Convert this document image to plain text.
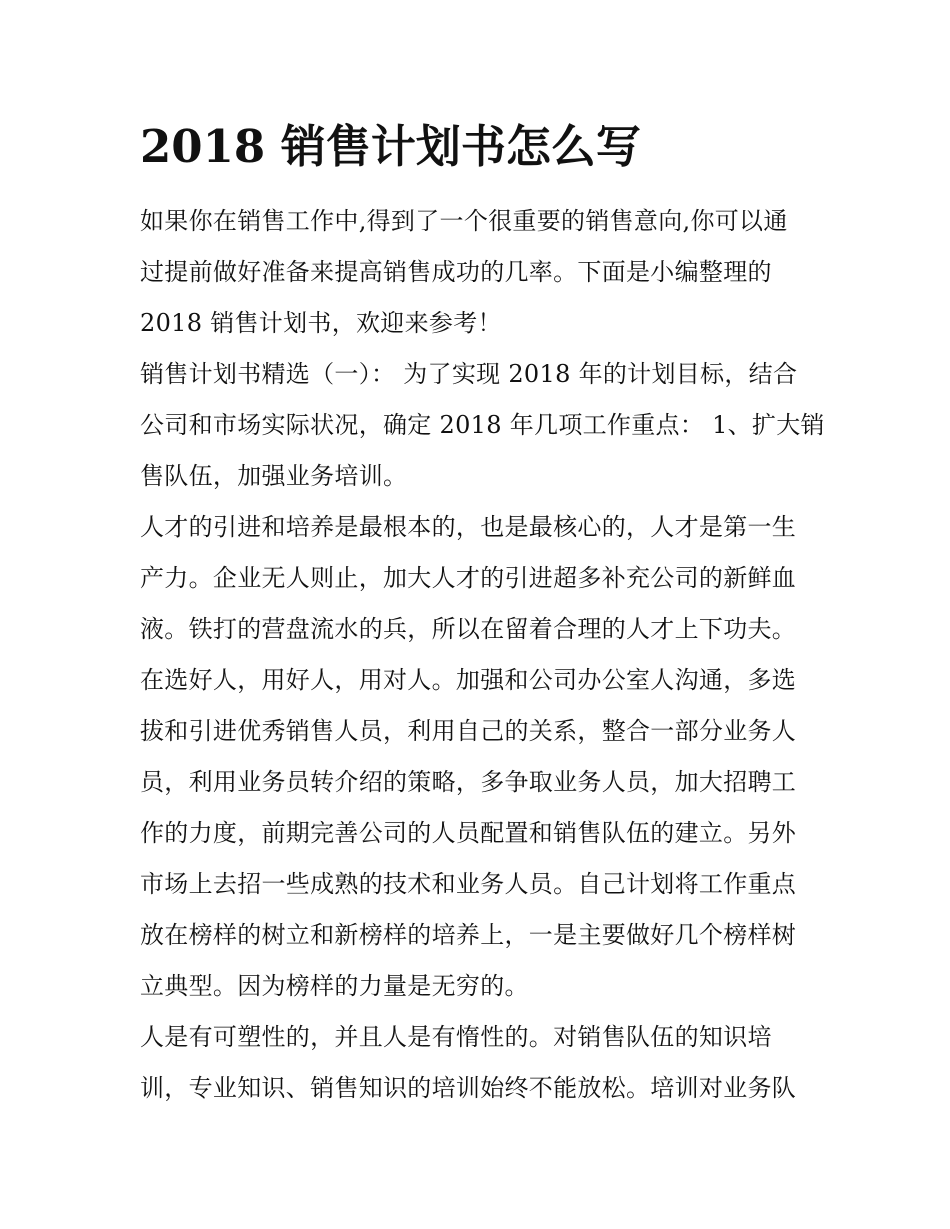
2018 销售计划书怎么写
如果你在销售工作中,得到了一个很重要的销售意向,你可以通
过提前做好准备来提高销售成功的几率。下面是小编整理的
2018 销售计划书，欢迎来参考！
销售计划书精选（一）： 为了实现 2018 年的计划目标，结合
公司和市场实际状况，确定 2018 年几项工作重点： 1、扩大销
售队伍，加强业务培训。
人才的引进和培养是最根本的，也是最核心的，人才是第一生
产力。企业无人则止，加大人才的引进超多补充公司的新鲜血
液。铁打的营盘流水的兵，所以在留着合理的人才上下功夫。
在选好人，用好人，用对人。加强和公司办公室人沟通，多选
拔和引进优秀销售人员，利用自己的关系，整合一部分业务人
员，利用业务员转介绍的策略，多争取业务人员，加大招聘工
作的力度，前期完善公司的人员配置和销售队伍的建立。另外
市场上去招一些成熟的技术和业务人员。自己计划将工作重点
放在榜样的树立和新榜样的培养上，一是主要做好几个榜样树
立典型。因为榜样的力量是无穷的。
人是有可塑性的，并且人是有惰性的。对销售队伍的知识培
训，专业知识、销售知识的培训始终不能放松。培训对业务队
